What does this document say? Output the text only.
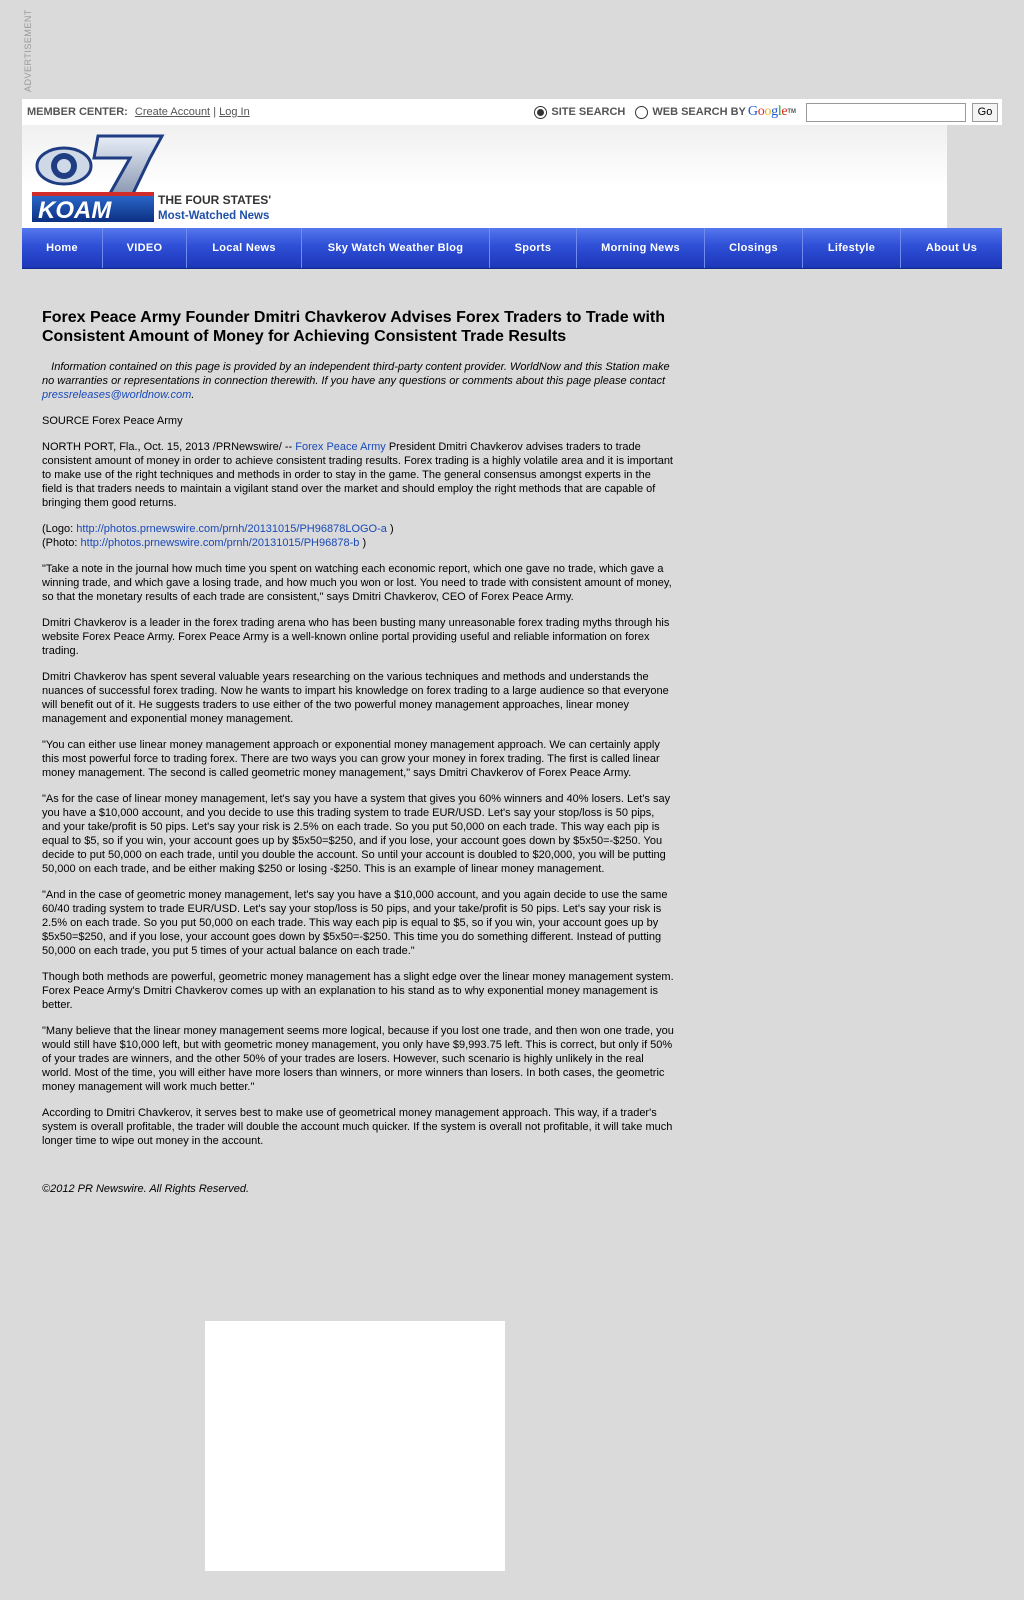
ADVERTISEMENT
MEMBER CENTER: Create Account | Log In	SITE SEARCH WEB SEARCH BY Google TM	Go
KOAM	THE FOUR STATES'
Most-Watched News
Home	VIDEO	Local News	Sky Watch Weather Blog	Sports	Morning News	Closings	Lifestyle	About Us
Forex Peace Army Founder Dmitri Chavkerov Advises Forex Traders to Trade with Consistent Amount of Money for Achieving Consistent Trade Results

Information contained on this page is provided by an independent third-party content provider. WorldNow and this Station make no warranties or representations in connection therewith. If you have any questions or comments about this page please contact pressreleases@worldnow.com.

SOURCE Forex Peace Army

NORTH PORT, Fla., Oct. 15, 2013 /PRNewswire/ -- Forex Peace Army President Dmitri Chavkerov advises traders to trade consistent amount of money in order to achieve consistent trading results. Forex trading is a highly volatile area and it is important to make use of the right techniques and methods in order to stay in the game. The general consensus amongst experts in the field is that traders needs to maintain a vigilant stand over the market and should employ the right methods that are capable of bringing them good returns.

(Logo: http://photos.prnewswire.com/prnh/20131015/PH96878LOGO-a )
(Photo: http://photos.prnewswire.com/prnh/20131015/PH96878-b )

"Take a note in the journal how much time you spent on watching each economic report, which one gave no trade, which gave a winning trade, and which gave a losing trade, and how much you won or lost. You need to trade with consistent amount of money, so that the monetary results of each trade are consistent," says Dmitri Chavkerov, CEO of Forex Peace Army.

Dmitri Chavkerov is a leader in the forex trading arena who has been busting many unreasonable forex trading myths through his website Forex Peace Army. Forex Peace Army is a well-known online portal providing useful and reliable information on forex trading.

Dmitri Chavkerov has spent several valuable years researching on the various techniques and methods and understands the nuances of successful forex trading. Now he wants to impart his knowledge on forex trading to a large audience so that everyone will benefit out of it. He suggests traders to use either of the two powerful money management approaches, linear money management and exponential money management.

"You can either use linear money management approach or exponential money management approach. We can certainly apply this most powerful force to trading forex. There are two ways you can grow your money in forex trading. The first is called linear money management. The second is called geometric money management," says Dmitri Chavkerov of Forex Peace Army.

"As for the case of linear money management, let's say you have a system that gives you 60% winners and 40% losers. Let's say you have a $10,000 account, and you decide to use this trading system to trade EUR/USD. Let's say your stop/loss is 50 pips, and your take/profit is 50 pips. Let's say your risk is 2.5% on each trade. So you put 50,000 on each trade. This way each pip is equal to $5, so if you win, your account goes up by $5x50=$250, and if you lose, your account goes down by $5x50=-$250. You decide to put 50,000 on each trade, until you double the account. So until your account is doubled to $20,000, you will be putting 50,000 on each trade, and be either making $250 or losing -$250. This is an example of linear money management.

"And in the case of geometric money management, let's say you have a $10,000 account, and you again decide to use the same 60/40 trading system to trade EUR/USD. Let's say your stop/loss is 50 pips, and your take/profit is 50 pips. Let's say your risk is 2.5% on each trade. So you put 50,000 on each trade. This way each pip is equal to $5, so if you win, your account goes up by $5x50=$250, and if you lose, your account goes down by $5x50=-$250. This time you do something different. Instead of putting 50,000 on each trade, you put 5 times of your actual balance on each trade."

Though both methods are powerful, geometric money management has a slight edge over the linear money management system. Forex Peace Army's Dmitri Chavkerov comes up with an explanation to his stand as to why exponential money management is better.

"Many believe that the linear money management seems more logical, because if you lost one trade, and then won one trade, you would still have $10,000 left, but with geometric money management, you only have $9,993.75 left. This is correct, but only if 50% of your trades are winners, and the other 50% of your trades are losers. However, such scenario is highly unlikely in the real world. Most of the time, you will either have more losers than winners, or more winners than losers. In both cases, the geometric money management will work much better."

According to Dmitri Chavkerov, it serves best to make use of geometrical money management approach. This way, if a trader's system is overall profitable, the trader will double the account much quicker. If the system is overall not profitable, it will take much longer time to wipe out money in the account.

©2012 PR Newswire. All Rights Reserved.
